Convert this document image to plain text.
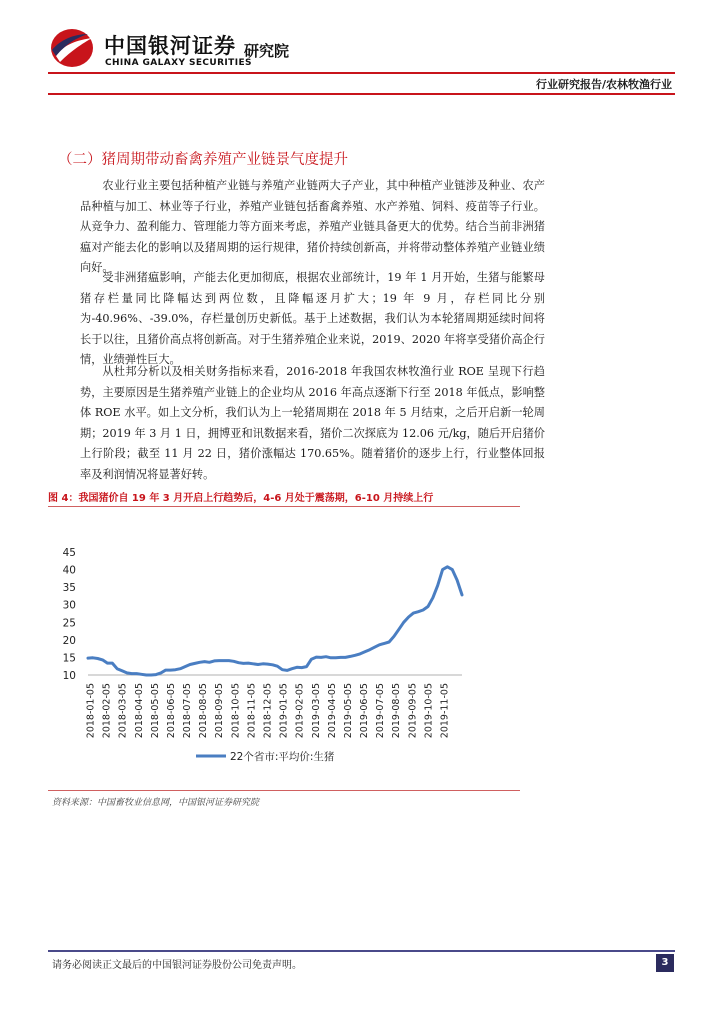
中国银河证券
CHINA GALAXY SECURITIES
研究院
行业研究报告/农林牧渔行业
（二）猪周期带动畜禽养殖产业链景气度提升

农业行业主要包括种植产业链与养殖产业链两大子产业，其中种植产业链涉及种业、农产品种植与加工、林业等子行业，养殖产业链包括畜禽养殖、水产养殖、饲料、疫苗等子行业。从竞争力、盈利能力、管理能力等方面来考虑，养殖产业链具备更大的优势。结合当前非洲猪瘟对产能去化的影响以及猪周期的运行规律，猪价持续创新高，并将带动整体养殖产业链业绩向好。

受非洲猪瘟影响，产能去化更加彻底，根据农业部统计，19 年 1 月开始，生猪与能繁母猪存栏量同比降幅达到两位数，且降幅逐月扩大；19 年 9 月，存栏同比分别为-40.96%、-39.0%，存栏量创历史新低。基于上述数据，我们认为本轮猪周期延续时间将长于以往，且猪价高点将创新高。对于生猪养殖企业来说，2019、2020 年将享受猪价高企行情，业绩弹性巨大。

从杜邦分析以及相关财务指标来看，2016-2018 年我国农林牧渔行业 ROE 呈现下行趋势，主要原因是生猪养殖产业链上的企业均从 2016 年高点逐渐下行至 2018 年低点，影响整体 ROE 水平。如上文分析，我们认为上一轮猪周期在 2018 年 5 月结束，之后开启新一轮周期；2019 年 3 月 1 日，拥博亚和讯数据来看，猪价二次探底为 12.06 元/kg，随后开启猪价上行阶段；截至 11 月 22 日，猪价涨幅达 170.65%。随着猪价的逐步上行，行业整体回报率及利润情况将显著好转。

图 4：我国猪价自 19 年 3 月开启上行趋势后，4-6 月处于震荡期，6-10 月持续上行
10
15
20
25
30
35
40
45
2018-01-05 2018-02-05 2018-03-05 2018-04-05 2018-05-05 2018-06-05 2018-07-05 2018-08-05 2018-09-05 2018-10-05 2018-11-05 2018-12-05 2019-01-05 2019-02-05 2019-03-05 2019-04-05 2019-05-05 2019-06-05 2019-07-05 2019-08-05 2019-09-05 2019-10-05 2019-11-05
22个省市:平均价:生猪
资料来源：中国畜牧业信息网，中国银河证券研究院
请务必阅读正文最后的中国银河证券股份公司免责声明。	3
